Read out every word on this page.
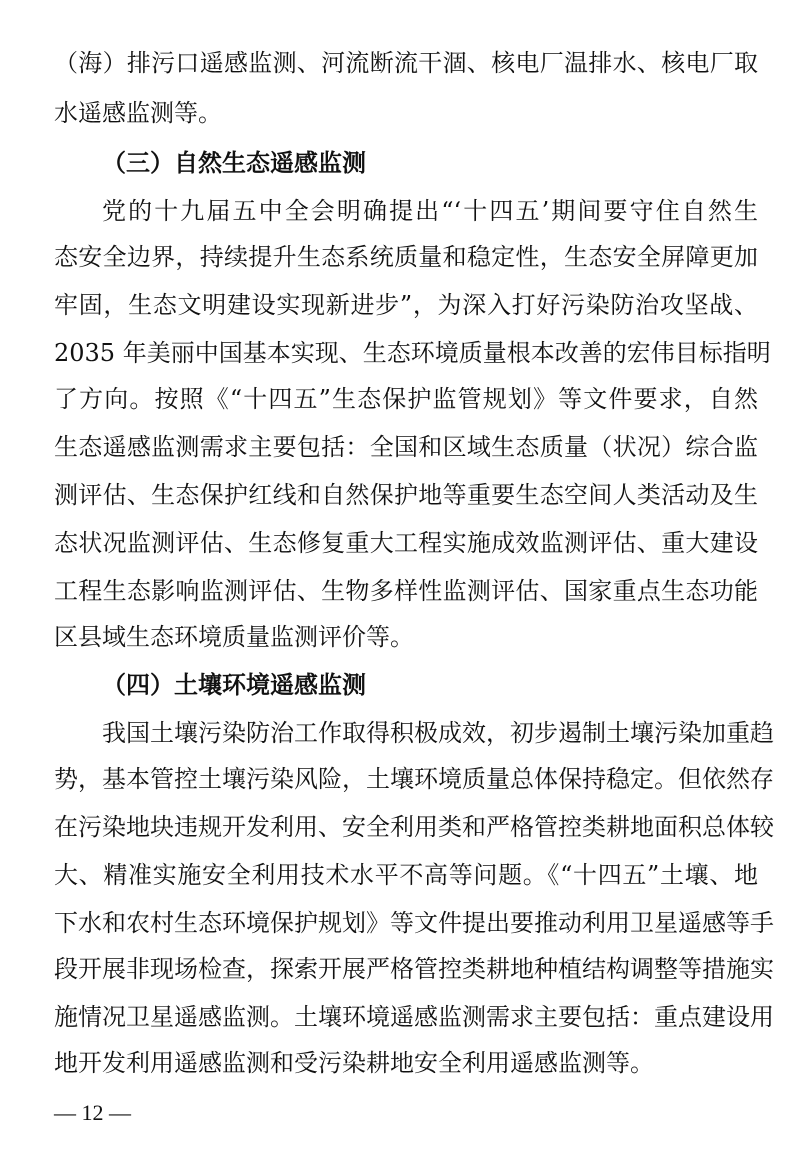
（海）排污口遥感监测、河流断流干涸、核电厂温排水、核电厂取
水遥感监测等。
（三）自然生态遥感监测
党的十九届五中全会明确提出“‘十四五’期间要守住自然生
态安全边界，持续提升生态系统质量和稳定性，生态安全屏障更加
牢固，生态文明建设实现新进步”，为深入打好污染防治攻坚战、
2035 年美丽中国基本实现、生态环境质量根本改善的宏伟目标指明
了方向。按照《“十四五”生态保护监管规划》等文件要求，自然
生态遥感监测需求主要包括：全国和区域生态质量（状况）综合监
测评估、生态保护红线和自然保护地等重要生态空间人类活动及生
态状况监测评估、生态修复重大工程实施成效监测评估、重大建设
工程生态影响监测评估、生物多样性监测评估、国家重点生态功能
区县域生态环境质量监测评价等。
（四）土壤环境遥感监测
我国土壤污染防治工作取得积极成效，初步遏制土壤污染加重趋
势，基本管控土壤污染风险，土壤环境质量总体保持稳定。但依然存
在污染地块违规开发利用、安全利用类和严格管控类耕地面积总体较
大、精准实施安全利用技术水平不高等问题。《“十四五”土壤、地
下水和农村生态环境保护规划》等文件提出要推动利用卫星遥感等手
段开展非现场检查，探索开展严格管控类耕地种植结构调整等措施实
施情况卫星遥感监测。土壤环境遥感监测需求主要包括：重点建设用
地开发利用遥感监测和受污染耕地安全利用遥感监测等。
— 12 —
